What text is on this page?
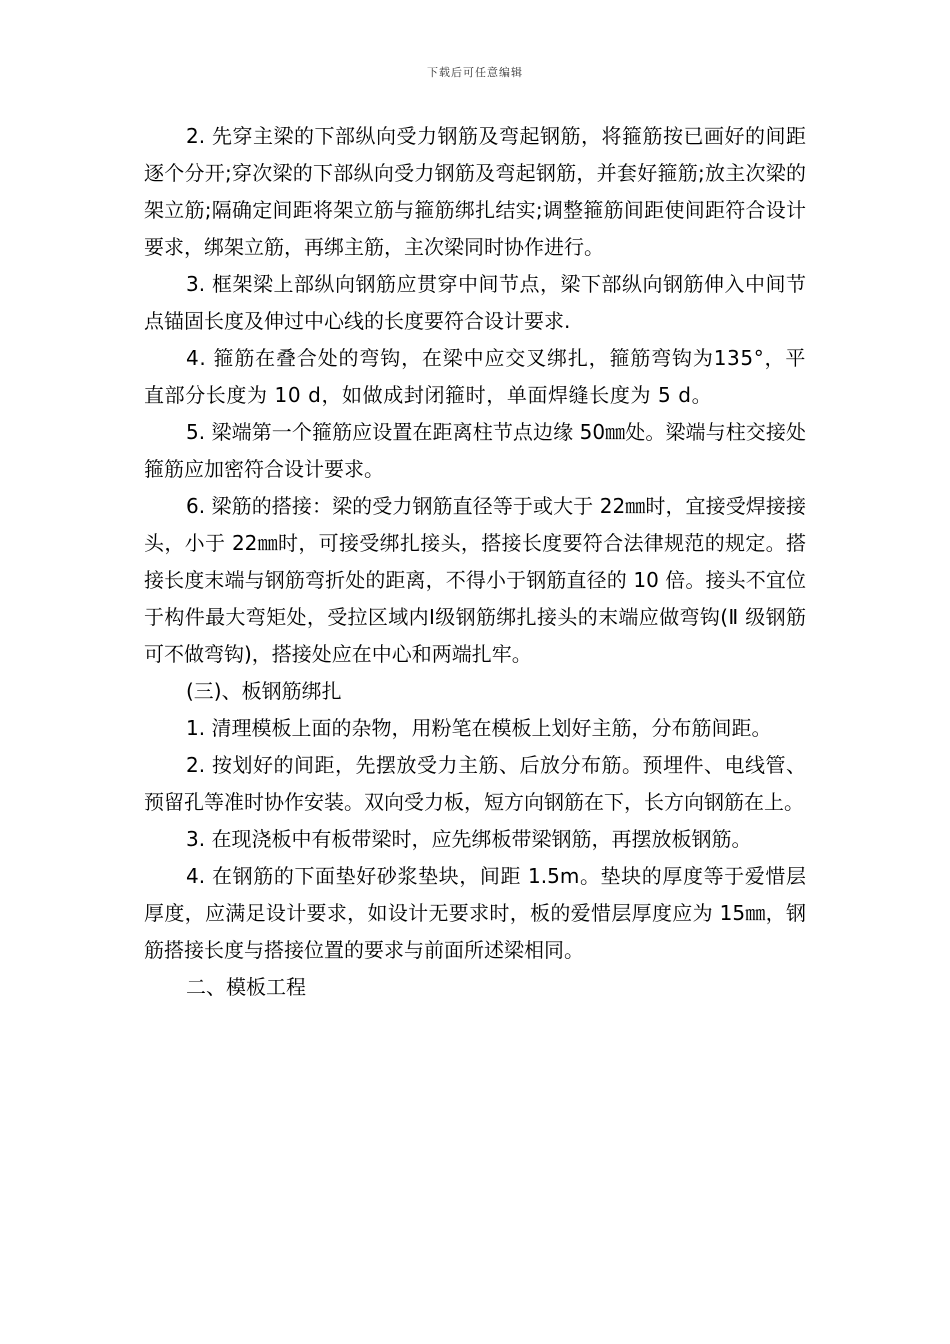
下载后可任意编辑

2. 先穿主梁的下部纵向受力钢筋及弯起钢筋，将箍筋按已画好的间距逐个分开;穿次梁的下部纵向受力钢筋及弯起钢筋，并套好箍筋;放主次梁的架立筋;隔确定间距将架立筋与箍筋绑扎结实;调整箍筋间距使间距符合设计要求，绑架立筋，再绑主筋，主次梁同时协作进行。

3. 框架梁上部纵向钢筋应贯穿中间节点，梁下部纵向钢筋伸入中间节点锚固长度及伸过中心线的长度要符合设计要求.

4. 箍筋在叠合处的弯钩，在梁中应交叉绑扎，箍筋弯钩为135°，平直部分长度为 10 d，如做成封闭箍时，单面焊缝长度为 5 d。

5. 梁端第一个箍筋应设置在距离柱节点边缘 50㎜处。梁端与柱交接处箍筋应加密符合设计要求。

6. 梁筋的搭接：梁的受力钢筋直径等于或大于 22㎜时，宜接受焊接接头，小于 22㎜时，可接受绑扎接头，搭接长度要符合法律规范的规定。搭接长度末端与钢筋弯折处的距离，不得小于钢筋直径的 10 倍。接头不宜位于构件最大弯矩处，受拉区域内Ⅰ级钢筋绑扎接头的末端应做弯钩(Ⅱ 级钢筋可不做弯钩)，搭接处应在中心和两端扎牢。

(三)、板钢筋绑扎

1. 清理模板上面的杂物，用粉笔在模板上划好主筋，分布筋间距。

2. 按划好的间距，先摆放受力主筋、后放分布筋。预埋件、电线管、预留孔等准时协作安装。双向受力板，短方向钢筋在下，长方向钢筋在上。

3. 在现浇板中有板带梁时，应先绑板带梁钢筋，再摆放板钢筋。

4. 在钢筋的下面垫好砂浆垫块，间距 1.5m。垫块的厚度等于爱惜层厚度，应满足设计要求，如设计无要求时，板的爱惜层厚度应为 15㎜，钢筋搭接长度与搭接位置的要求与前面所述梁相同。

二、模板工程
